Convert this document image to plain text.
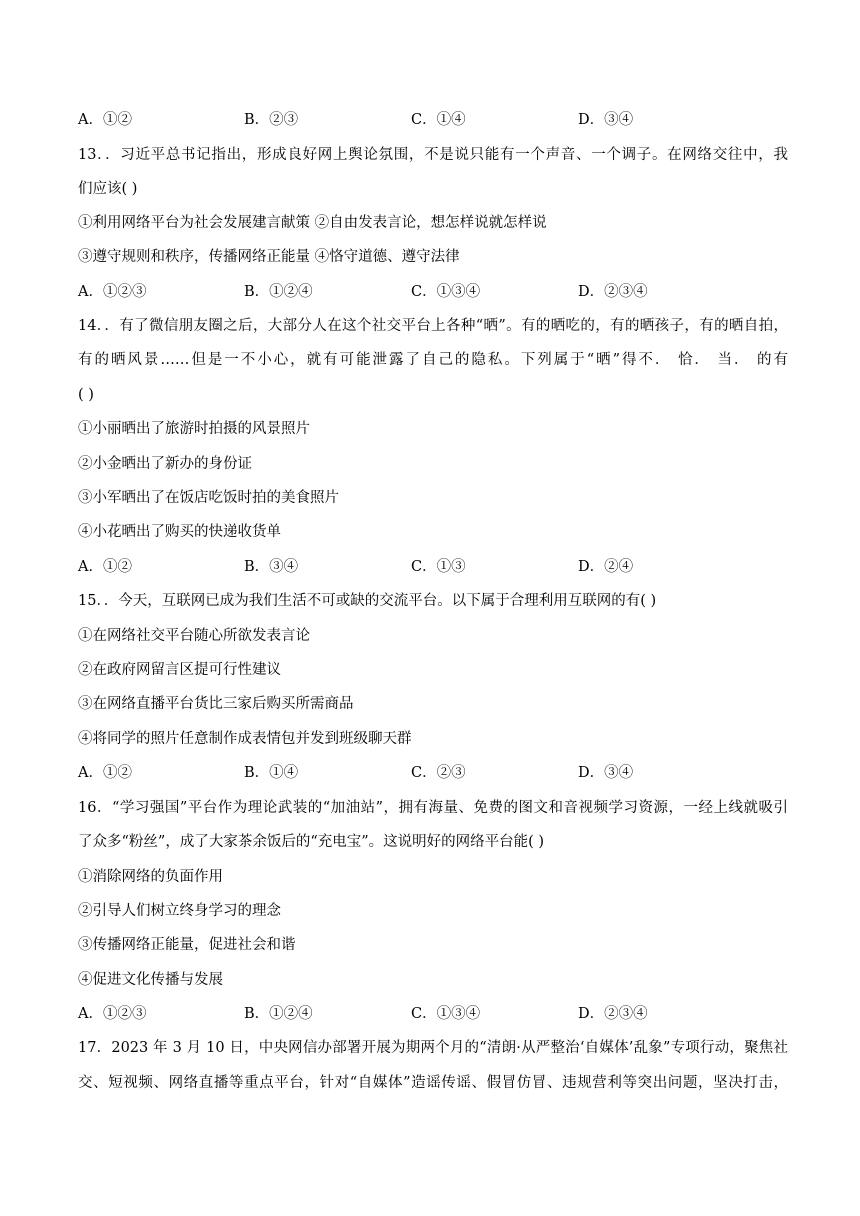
A．①②	B．②③	C．①④	D．③④
13．．习近平总书记指出，形成良好网上舆论氛围，不是说只能有一个声音、一个调子。在网络交往中，我
们应该( )
①利用网络平台为社会发展建言献策 ②自由发表言论，想怎样说就怎样说
③遵守规则和秩序，传播网络正能量 ④恪守道德、遵守法律
A．①②③	B．①②④	C．①③④	D．②③④
14．．有了微信朋友圈之后，大部分人在这个社交平台上各种“晒”。有的晒吃的，有的晒孩子，有的晒自拍，
有的晒风景……但是一不小心，就有可能泄露了自己的隐私。下列属于“晒”得不． 恰． 当． 的有
( )
①小丽晒出了旅游时拍摄的风景照片
②小金晒出了新办的身份证
③小军晒出了在饭店吃饭时拍的美食照片
④小花晒出了购买的快递收货单
A．①②	B．③④	C．①③	D．②④
15．．今天，互联网已成为我们生活不可或缺的交流平台。以下属于合理利用互联网的有( )
①在网络社交平台随心所欲发表言论
②在政府网留言区提可行性建议
③在网络直播平台货比三家后购买所需商品
④将同学的照片任意制作成表情包并发到班级聊天群
A．①②	B．①④	C．②③	D．③④
16．“学习强国”平台作为理论武装的“加油站”，拥有海量、免费的图文和音视频学习资源，一经上线就吸引
了众多“粉丝”，成了大家茶余饭后的“充电宝”。这说明好的网络平台能( )
①消除网络的负面作用
②引导人们树立终身学习的理念
③传播网络正能量，促进社会和谐
④促进文化传播与发展
A．①②③	B．①②④	C．①③④	D．②③④
17．2023 年 3 月 10 日，中央网信办部署开展为期两个月的“清朗·从严整治‘自媒体’乱象”专项行动，聚焦社
交、短视频、网络直播等重点平台，针对“自媒体”造谣传谣、假冒仿冒、违规营利等突出问题，坚决打击，
